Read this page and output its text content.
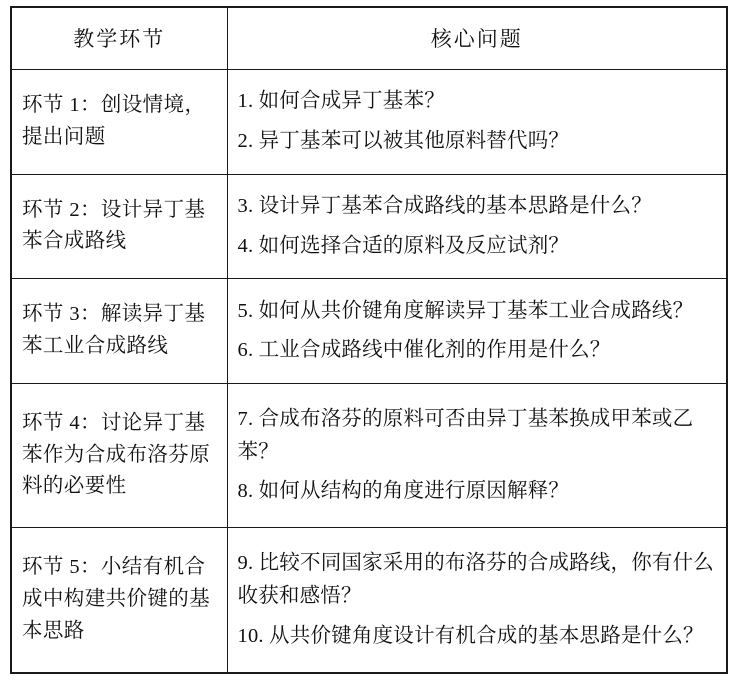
教学环节	核心问题
环节 1：创设情境，提出问题	1. 如何合成异丁基苯？
2. 异丁基苯可以被其他原料替代吗？

环节 2：设计异丁基苯合成路线	3. 设计异丁基苯合成路线的基本思路是什么？
4. 如何选择合适的原料及反应试剂？

环节 3：解读异丁基苯工业合成路线	5. 如何从共价键角度解读异丁基苯工业合成路线？
6. 工业合成路线中催化剂的作用是什么？

环节 4：讨论异丁基苯作为合成布洛芬原料的必要性	7. 合成布洛芬的原料可否由异丁基苯换成甲苯或乙苯？
8. 如何从结构的角度进行原因解释？

环节 5：小结有机合成中构建共价键的基本思路	9. 比较不同国家采用的布洛芬的合成路线，你有什么收获和感悟？
10. 从共价键角度设计有机合成的基本思路是什么？
